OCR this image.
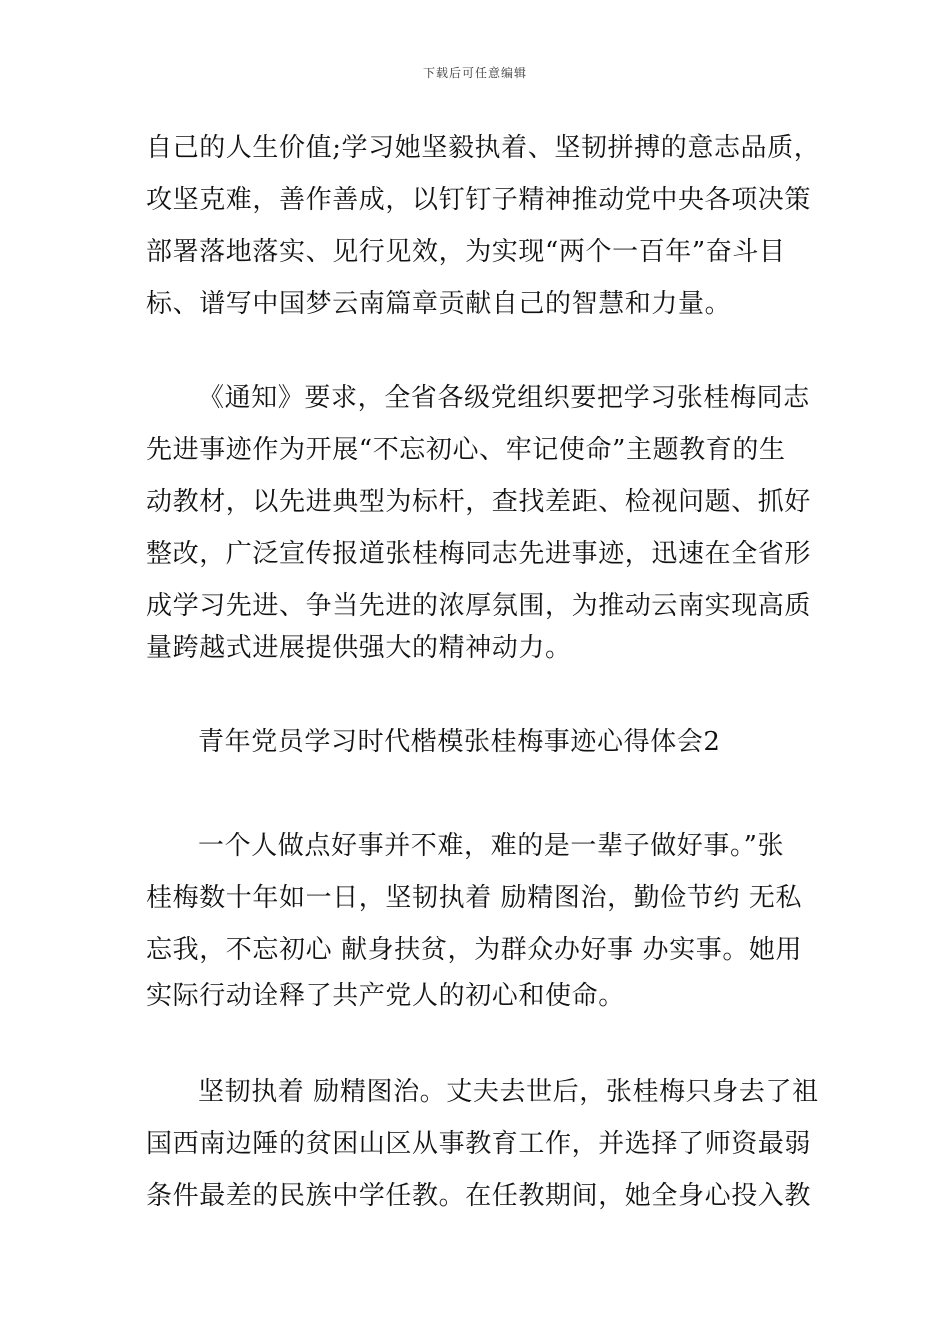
下载后可任意编辑
自己的人生价值;学习她坚毅执着、坚韧拼搏的意志品质，
攻坚克难，善作善成，以钉钉子精神推动党中央各项决策
部署落地落实、见行见效，为实现“两个一百年”奋斗目
标、谱写中国梦云南篇章贡献自己的智慧和力量。
《通知》要求，全省各级党组织要把学习张桂梅同志
先进事迹作为开展“不忘初心、牢记使命”主题教育的生
动教材，以先进典型为标杆，查找差距、检视问题、抓好
整改，广泛宣传报道张桂梅同志先进事迹，迅速在全省形
成学习先进、争当先进的浓厚氛围，为推动云南实现高质
量跨越式进展提供强大的精神动力。
青年党员学习时代楷模张桂梅事迹心得体会2
一个人做点好事并不难，难的是一辈子做好事。”张
桂梅数十年如一日，坚韧执着 励精图治，勤俭节约 无私
忘我，不忘初心 献身扶贫，为群众办好事 办实事。她用
实际行动诠释了共产党人的初心和使命。
坚韧执着 励精图治。丈夫去世后，张桂梅只身去了祖
国西南边陲的贫困山区从事教育工作，并选择了师资最弱
条件最差的民族中学任教。在任教期间，她全身心投入教
